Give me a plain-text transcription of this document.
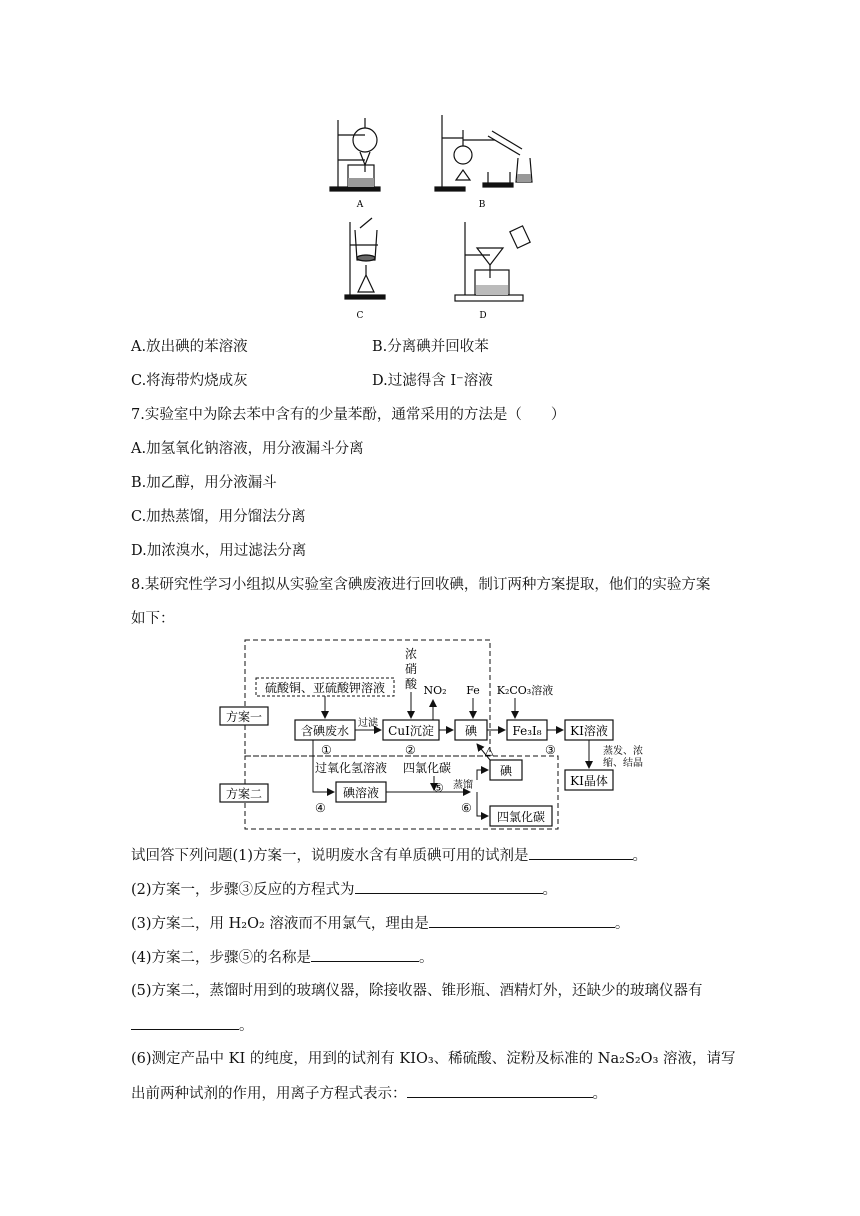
A	B
C	D
A.放出碘的苯溶液	B.分离碘并回收苯
C.将海带灼烧成灰	D.过滤得含 I⁻溶液
7.实验室中为除去苯中含有的少量苯酚，通常采用的方法是（　　）
A.加氢氧化钠溶液，用分液漏斗分离
B.加乙醇，用分液漏斗
C.加热蒸馏，用分馏法分离
D.加浓溴水，用过滤法分离
8.某研究性学习小组拟从实验室含碘废液进行回收碘，制订两种方案提取，他们的实验方案
如下：
硫酸铜、亚硫酸钾溶液
方案一
方案二
含碘废水	CuI沉淀	碘	Fe₃I₈ KI溶液
KI晶体
碘溶液
碘
四氯化碳
浓
硝
酸 NO₂ Fe K₂CO₃溶液
过滤
蒸发、浓
缩、结晶
过氧化氢溶液 四氯化碳
蒸馏
△
①	②	③
④
⑤
⑥
试回答下列问题(1)方案一，说明废水含有单质碘可用的试剂是	。
(2)方案一，步骤③反应的方程式为	。
(3)方案二，用 H₂O₂ 溶液而不用氯气，理由是	。
(4)方案二，步骤⑤的名称是	。
(5)方案二，蒸馏时用到的玻璃仪器，除接收器、锥形瓶、酒精灯外，还缺少的玻璃仪器有
。
(6)测定产品中 KI 的纯度，用到的试剂有 KIO₃、稀硫酸、淀粉及标准的 Na₂S₂O₃ 溶液，请写
出前两种试剂的作用，用离子方程式表示：	。
